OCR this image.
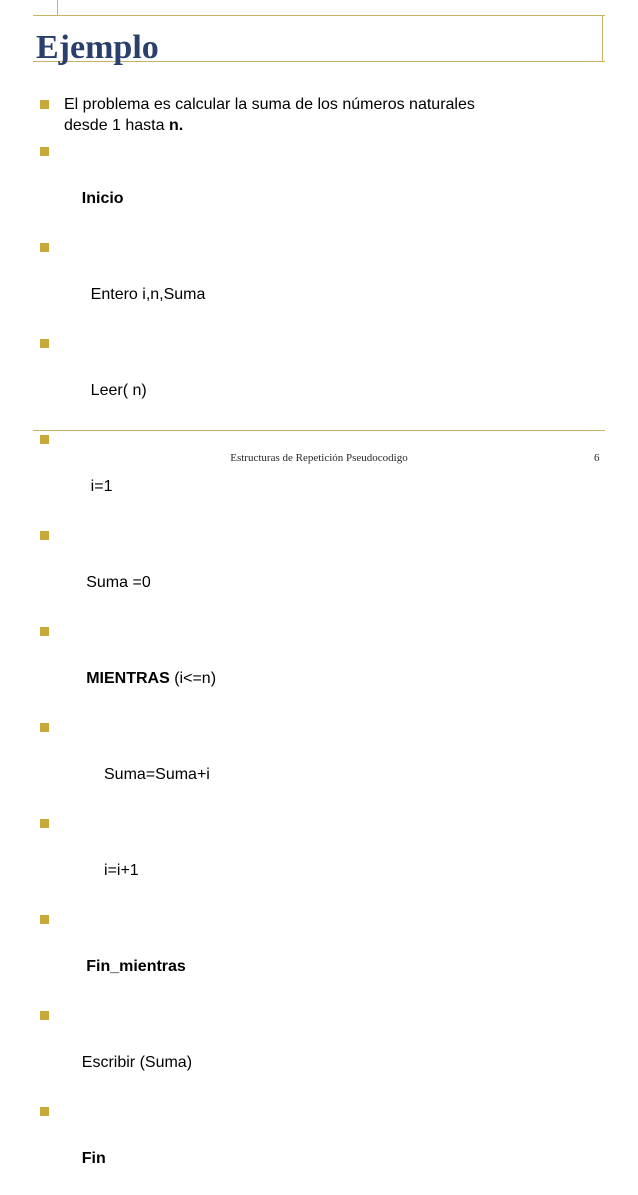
Ejemplo
El problema es calcular la suma de los números naturales
desde 1 hasta n.

Inicio

Entero i,n,Suma

Leer( n)

i=1

Suma =0

MIENTRAS (i<=n)

Suma=Suma+i

i=i+1

Fin_mientras

Escribir (Suma)

Fin

Estructuras de Repetición Pseudocodigo	6
